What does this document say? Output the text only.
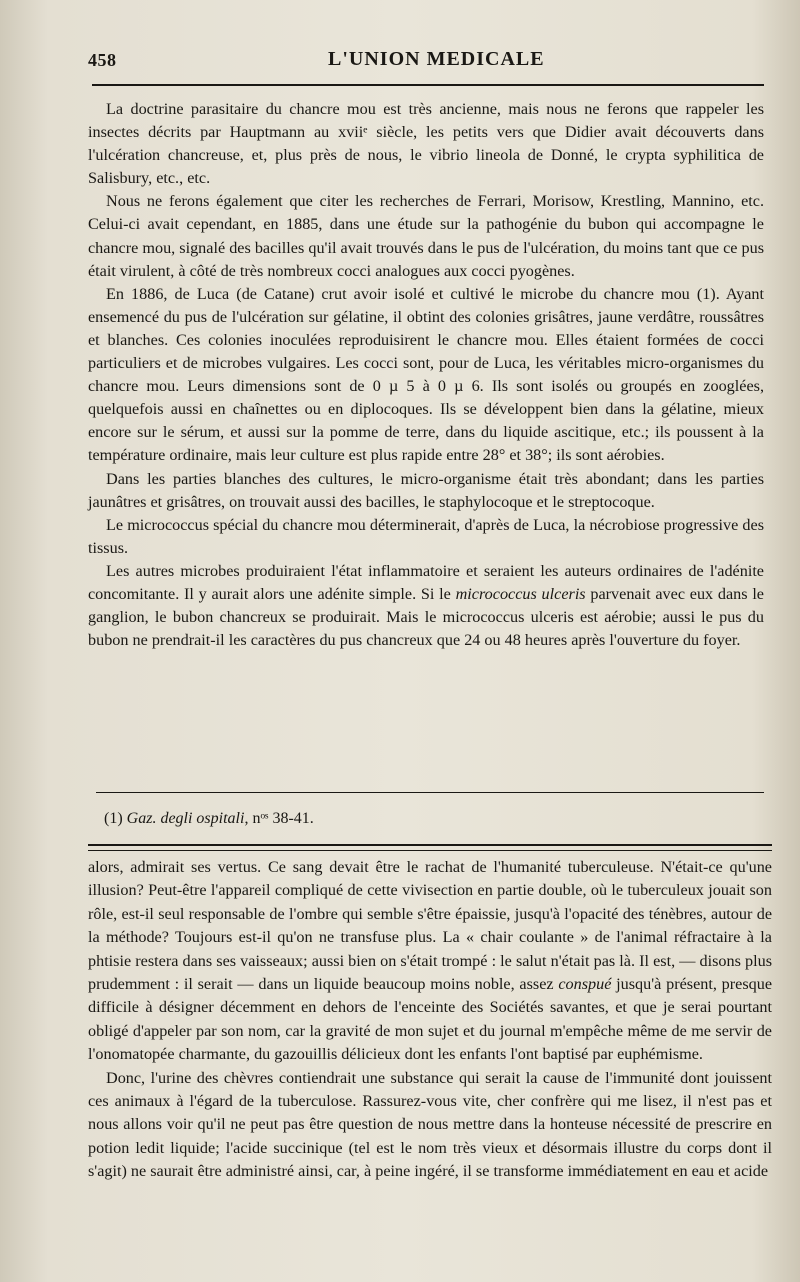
458	L'UNION MEDICALE

La doctrine parasitaire du chancre mou est très ancienne, mais nous ne ferons que rappeler les insectes décrits par Hauptmann au xviiᵉ siècle, les petits vers que Didier avait découverts dans l'ulcération chancreuse, et, plus près de nous, le vibrio lineola de Donné, le crypta syphilitica de Salisbury, etc., etc.

Nous ne ferons également que citer les recherches de Ferrari, Morisow, Krestling, Mannino, etc. Celui-ci avait cependant, en 1885, dans une étude sur la pathogénie du bubon qui accompagne le chancre mou, signalé des bacilles qu'il avait trouvés dans le pus de l'ulcération, du moins tant que ce pus était virulent, à côté de très nombreux cocci analogues aux cocci pyogènes.

En 1886, de Luca (de Catane) crut avoir isolé et cultivé le microbe du chancre mou (1). Ayant ensemencé du pus de l'ulcération sur gélatine, il obtint des colonies grisâtres, jaune verdâtre, roussâtres et blanches. Ces colonies inoculées reproduisirent le chancre mou. Elles étaient formées de cocci particuliers et de microbes vulgaires. Les cocci sont, pour de Luca, les véritables micro-organismes du chancre mou. Leurs dimensions sont de 0 µ 5 à 0 µ 6. Ils sont isolés ou groupés en zooglées, quelquefois aussi en chaînettes ou en diplocoques. Ils se développent bien dans la gélatine, mieux encore sur le sérum, et aussi sur la pomme de terre, dans du liquide ascitique, etc.; ils poussent à la température ordinaire, mais leur culture est plus rapide entre 28° et 38°; ils sont aérobies.

Dans les parties blanches des cultures, le micro-organisme était très abondant; dans les parties jaunâtres et grisâtres, on trouvait aussi des bacilles, le staphylocoque et le streptocoque.

Le micrococcus spécial du chancre mou déterminerait, d'après de Luca, la nécrobiose progressive des tissus.

Les autres microbes produiraient l'état inflammatoire et seraient les auteurs ordinaires de l'adénite concomitante. Il y aurait alors une adénite simple. Si le micrococcus ulceris parvenait avec eux dans le ganglion, le bubon chancreux se produirait. Mais le micrococcus ulceris est aérobie; aussi le pus du bubon ne prendrait-il les caractères du pus chancreux que 24 ou 48 heures après l'ouverture du foyer.

(1) Gaz. degli ospitali, nᵒˢ 38-41.

alors, admirait ses vertus. Ce sang devait être le rachat de l'humanité tuberculeuse. N'était-ce qu'une illusion? Peut-être l'appareil compliqué de cette vivisection en partie double, où le tuberculeux jouait son rôle, est-il seul responsable de l'ombre qui semble s'être épaissie, jusqu'à l'opacité des ténèbres, autour de la méthode? Toujours est-il qu'on ne transfuse plus. La « chair coulante » de l'animal réfractaire à la phtisie restera dans ses vaisseaux; aussi bien on s'était trompé : le salut n'était pas là. Il est, — disons plus prudemment : il serait — dans un liquide beaucoup moins noble, assez conspué jusqu'à présent, presque difficile à désigner décemment en dehors de l'enceinte des Sociétés savantes, et que je serai pourtant obligé d'appeler par son nom, car la gravité de mon sujet et du journal m'empêche même de me servir de l'onomatopée charmante, du gazouillis délicieux dont les enfants l'ont baptisé par euphémisme.

Donc, l'urine des chèvres contiendrait une substance qui serait la cause de l'immunité dont jouissent ces animaux à l'égard de la tuberculose. Rassurez-vous vite, cher confrère qui me lisez, il n'est pas et nous allons voir qu'il ne peut pas être question de nous mettre dans la honteuse nécessité de prescrire en potion ledit liquide; l'acide succinique (tel est le nom très vieux et désormais illustre du corps dont il s'agit) ne saurait être administré ainsi, car, à peine ingéré, il se transforme immédiatement en eau et acide
